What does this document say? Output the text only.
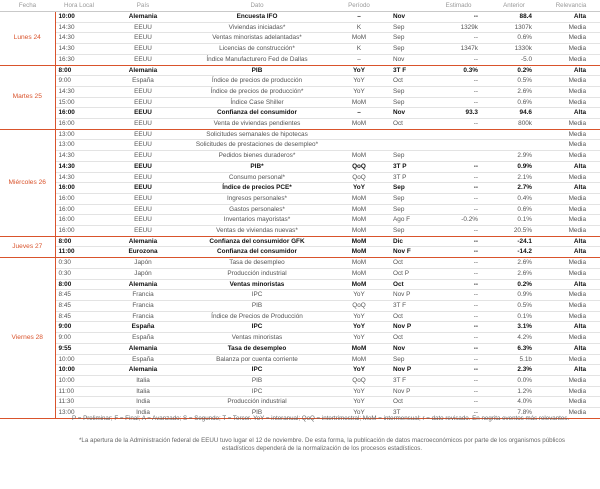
Fecha	Hora Local	País	Dato	Período		Estimado	Anterior	Relevancia
Lunes 24	10:00	Alemania	Encuesta IFO	–	Nov	--	88.4	Alta
	14:30	EEUU	Viviendas iniciadas*	K	Sep	1329k	1307k	Media
	14:30	EEUU	Ventas minoristas adelantadas*	MoM	Sep	--	0.6%	Media
	14:30	EEUU	Licencias de construcción*	K	Sep	1347k	1330k	Media
	16:30	EEUU	Índice Manufacturero Fed de Dallas	–	Nov	--	-5.0	Media
Martes 25	8:00	Alemania	PIB	YoY	3T F	0.3%	0.2%	Alta
	9:00	España	Índice de precios de producción	YoY	Oct	--	0.5%	Media
	14:30	EEUU	Índice de precios de producción*	YoY	Sep	--	2.6%	Media
	15:00	EEUU	Índice Case Shiller	MoM	Sep	--	0.6%	Media
	16:00	EEUU	Confianza del consumidor	–	Nov	93.3	94.6	Alta
	16:00	EEUU	Venta de viviendas pendientes	MoM	Oct	--	800k	Media
Miércoles 26	13:00	EEUU	Solicitudes semanales de hipotecas					Media
	13:00	EEUU	Solicitudes de prestaciones de desempleo*					Media
	14:30	EEUU	Pedidos bienes duraderos*	MoM	Sep		2.9%	Media
	14:30	EEUU	PIB*	QoQ	3T P	--	0.9%	Alta
	14:30	EEUU	Consumo personal*	QoQ	3T P	--	2.1%	Media
	16:00	EEUU	Índice de precios PCE*	YoY	Sep	--	2.7%	Alta
	16:00	EEUU	Ingresos personales*	MoM	Sep	--	0.4%	Media
	16:00	EEUU	Gastos personales*	MoM	Sep	--	0.6%	Media
	16:00	EEUU	Inventarios mayoristas*	MoM	Ago F	-0.2%	0.1%	Media
	16:00	EEUU	Ventas de viviendas nuevas*	MoM	Sep	--	20.5%	Media
Jueves 27	8:00	Alemania	Confianza del consumidor GFK	MoM	Dic	--	-24.1	Alta
	11:00	Eurozona	Confianza del consumidor	MoM	Nov F	--	-14.2	Alta
Viernes 28	0:30	Japón	Tasa de desempleo	MoM	Oct	--	2.6%	Media
	0:30	Japón	Producción industrial	MoM	Oct P	--	2.6%	Media
	8:00	Alemania	Ventas minoristas	MoM	Oct	--	0.2%	Alta
	8:45	Francia	IPC	YoY	Nov P	--	0.9%	Media
	8:45	Francia	PIB	QoQ	3T F	--	0.5%	Media
	8:45	Francia	Índice de Precios de Producción	YoY	Oct	--	0.1%	Media
	9:00	España	IPC	YoY	Nov P	--	3.1%	Alta
	9:00	España	Ventas minoristas	YoY	Oct	--	4.2%	Media
	9:55	Alemania	Tasa de desempleo	MoM	Nov	--	6.3%	Alta
	10:00	España	Balanza por cuenta corriente	MoM	Sep	--	5.1b	Media
	10:00	Alemania	IPC	YoY	Nov P	--	2.3%	Alta
	10:00	Italia	PIB	QoQ	3T F	--	0.0%	Media
	11:00	Italia	IPC	YoY	Nov P	--	1.2%	Media
	11:30	India	Producción industrial	YoY	Oct	--	4.0%	Media
	13:00	India	PIB	YoY	3T	--	7.8%	Media
P = Preliminar; F = Final; A = Avanzado; S = Segundo; T = Tercer. YoY = interanual; QoQ = intertrimestral; MoM = intermensual; r = dato revisado. En negrita eventos más relevantes.
*La apertura de la Administración federal de EEUU tuvo lugar el 12 de noviembre. De esta forma, la publicación de datos macroeconómicos por parte de los organismos públicos estadísticos dependerá de la normalización de los procesos estadísticos.
